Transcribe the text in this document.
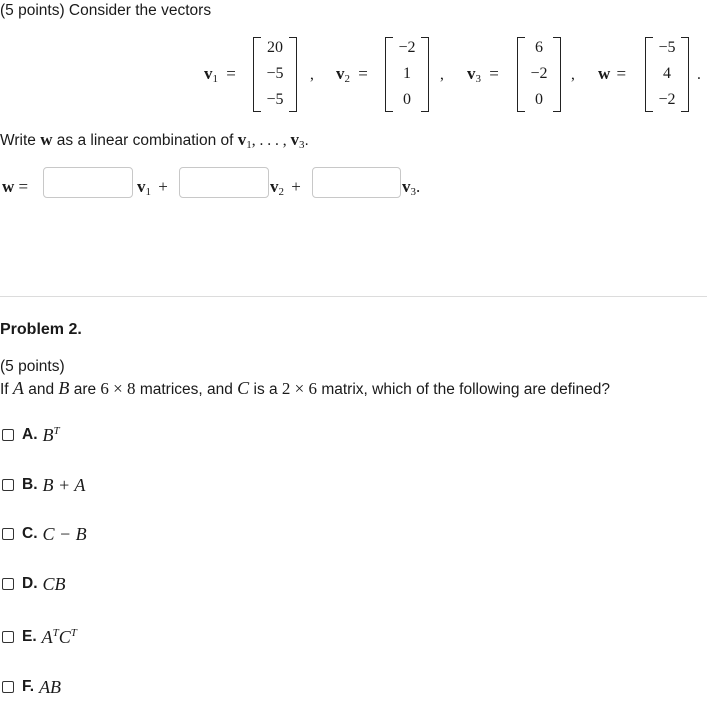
(5 points) Consider the vectors
v1 =
20
−5
−5
, v2 =
−2
1
0
, v3 =
6
−2
0
, w =
−5
4
−2
.
Write w as a linear combination of v1, . . . , v3.
w =	v1 +	v2 +	v3.
Problem 2.
(5 points)
If A and B are 6 × 8 matrices, and C is a 2 × 6 matrix, which of the following are defined?
A. $B^T$
B. B + A
C. C − B
D. CB
E. $A^TC^T$
F. AB
